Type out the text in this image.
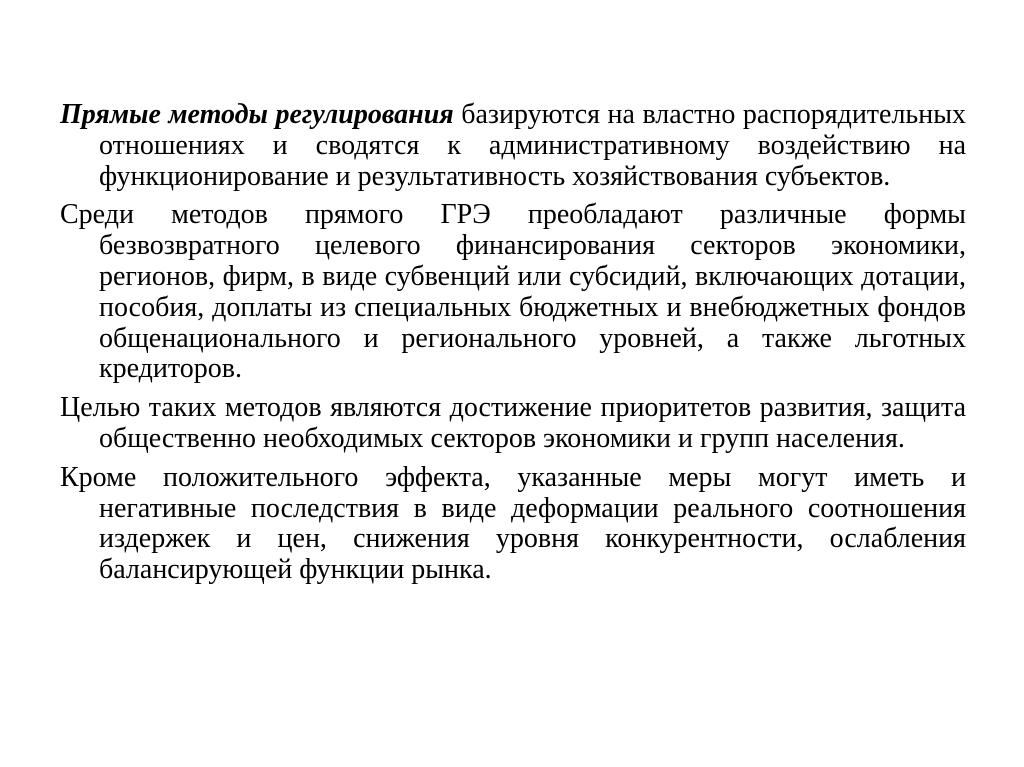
Прямые методы регулирования базируются на властно распорядительных отношениях и сводятся к административному воздействию на функционирование и результативность хозяйствования субъектов.

Среди методов прямого ГРЭ преобладают различные формы безвозвратного целевого финансирования секторов экономики, регионов, фирм, в виде субвенций или субсидий, включающих дотации, пособия, доплаты из специальных бюджетных и внебюджетных фондов общенационального и регионального уровней, а также льготных кредиторов.

Целью таких методов являются достижение приоритетов развития, защита общественно необходимых секторов экономики и групп населения.

Кроме положительного эффекта, указанные меры могут иметь и негативные последствия в виде деформации реального соотношения издержек и цен, снижения уровня конкурентности, ослабления балансирующей функции рынка.
